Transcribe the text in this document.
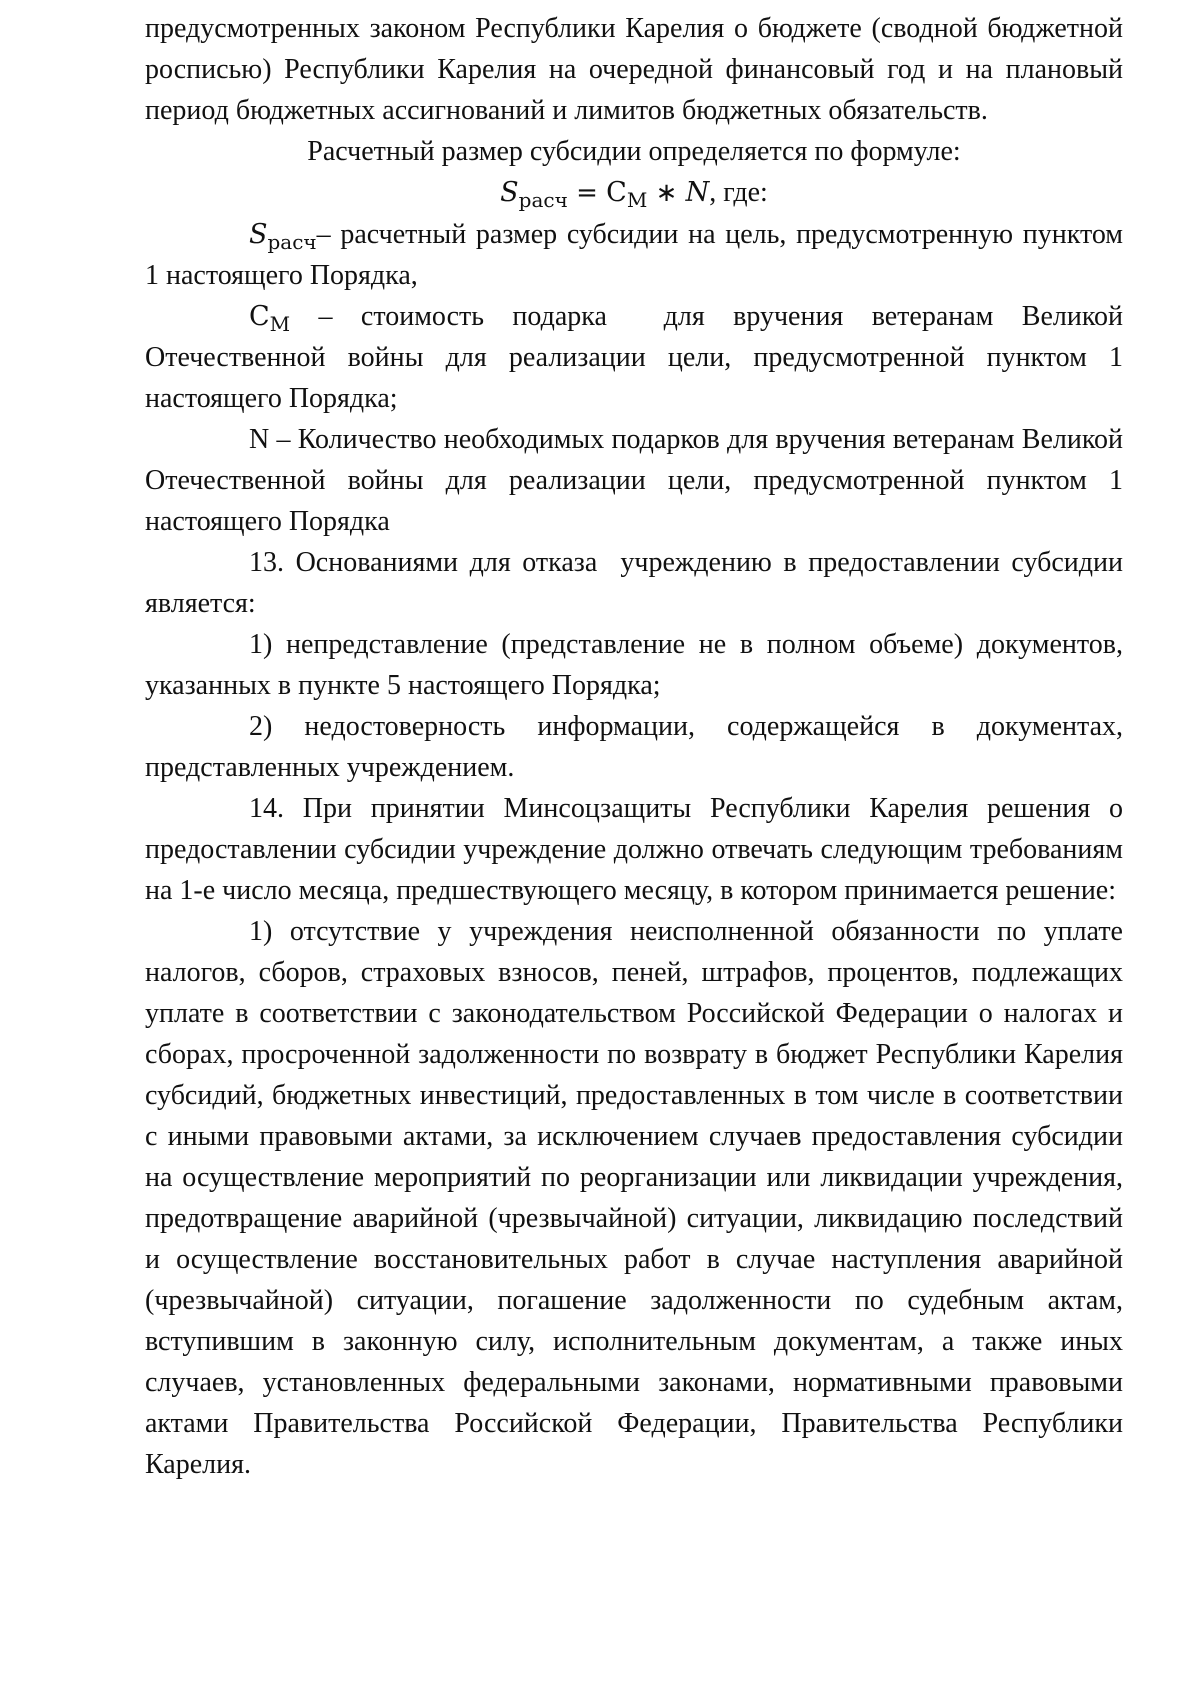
предусмотренных законом Республики Карелия о бюджете (сводной бюджетной росписью) Республики Карелия на очередной финансовый год и на плановый период бюджетных ассигнований и лимитов бюджетных обязательств.

Расчетный размер субсидии определяется по формуле:

$S_{расч} = C_М$ ∗ N, где:

$S_{расч}-$ расчетный размер субсидии на цель, предусмотренную пунктом 1 настоящего Порядка,

$C_М$ – стоимость подарка  для вручения ветеранам Великой Отечественной войны для реализации цели, предусмотренной пунктом 1 настоящего Порядка;

N – Количество необходимых подарков для вручения ветеранам Великой Отечественной войны для реализации цели, предусмотренной пунктом 1 настоящего Порядка

13. Основаниями для отказа  учреждению в предоставлении субсидии является:

1) непредставление (представление не в полном объеме) документов, указанных в пункте 5 настоящего Порядка;

2) недостоверность информации, содержащейся в документах, представленных учреждением.

14. При принятии Минсоцзащиты Республики Карелия решения о предоставлении субсидии учреждение должно отвечать следующим требованиям на 1-е число месяца, предшествующего месяцу, в котором принимается решение:

1) отсутствие у учреждения неисполненной обязанности по уплате налогов, сборов, страховых взносов, пеней, штрафов, процентов, подлежащих уплате в соответствии с законодательством Российской Федерации о налогах и сборах, просроченной задолженности по возврату в бюджет Республики Карелия субсидий, бюджетных инвестиций, предоставленных в том числе в соответствии с иными правовыми актами, за исключением случаев предоставления субсидии на осуществление мероприятий по реорганизации или ликвидации учреждения, предотвращение аварийной (чрезвычайной) ситуации, ликвидацию последствий и осуществление восстановительных работ в случае наступления аварийной (чрезвычайной) ситуации, погашение задолженности по судебным актам, вступившим в законную силу, исполнительным документам, а также иных случаев, установленных федеральными законами, нормативными правовыми актами Правительства Российской Федерации, Правительства Республики Карелия.
